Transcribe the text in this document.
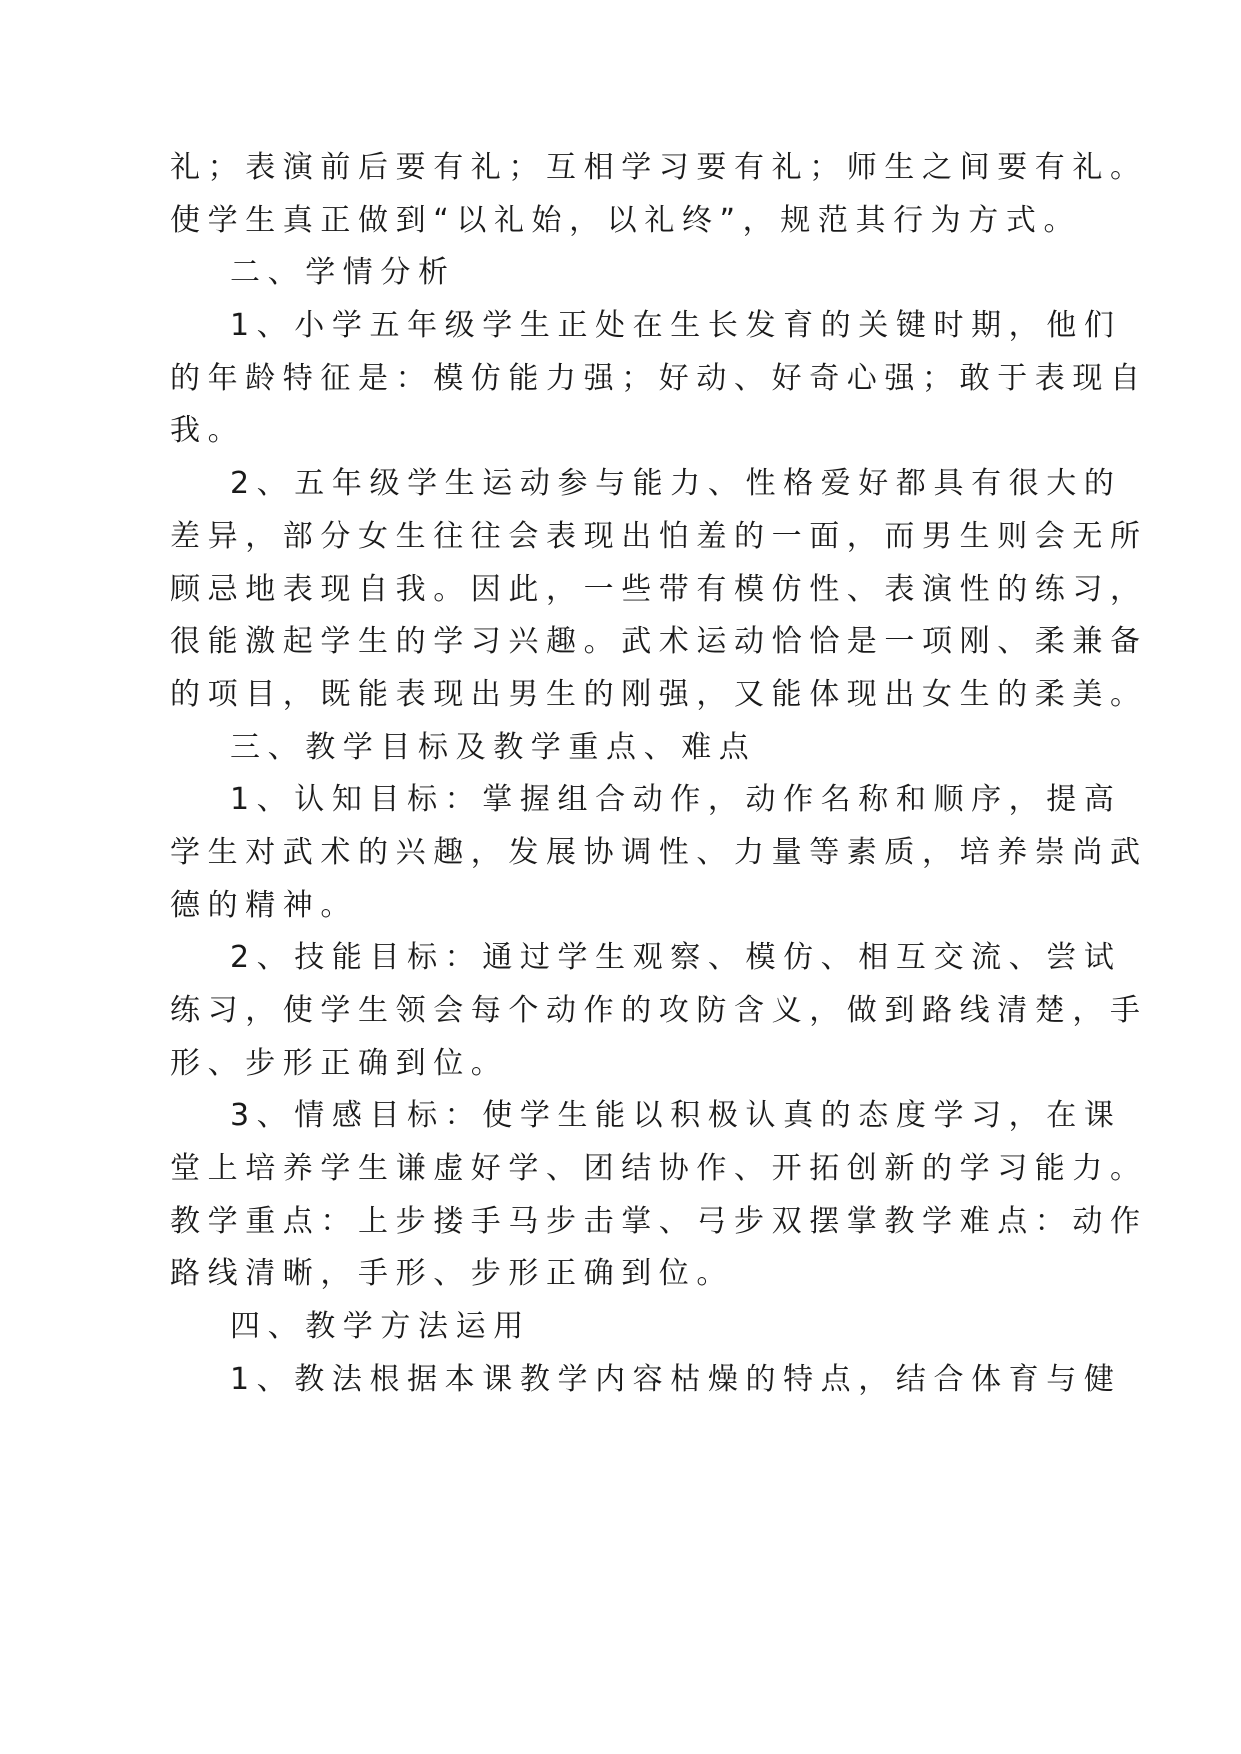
礼；表演前后要有礼；互相学习要有礼；师生之间要有礼。
使学生真正做到“以礼始，以礼终”，规范其行为方式。
二、学情分析
1、小学五年级学生正处在生长发育的关键时期，他们
的年龄特征是：模仿能力强；好动、好奇心强；敢于表现自
我。
2、五年级学生运动参与能力、性格爱好都具有很大的
差异，部分女生往往会表现出怕羞的一面，而男生则会无所
顾忌地表现自我。因此，一些带有模仿性、表演性的练习，
很能激起学生的学习兴趣。武术运动恰恰是一项刚、柔兼备
的项目，既能表现出男生的刚强，又能体现出女生的柔美。
三、教学目标及教学重点、难点
1、认知目标：掌握组合动作，动作名称和顺序，提高
学生对武术的兴趣，发展协调性、力量等素质，培养崇尚武
德的精神。
2、技能目标：通过学生观察、模仿、相互交流、尝试
练习，使学生领会每个动作的攻防含义，做到路线清楚，手
形、步形正确到位。
3、情感目标：使学生能以积极认真的态度学习，在课
堂上培养学生谦虚好学、团结协作、开拓创新的学习能力。
教学重点：上步搂手马步击掌、弓步双摆掌教学难点：动作
路线清晰，手形、步形正确到位。
四、教学方法运用
1、教法根据本课教学内容枯燥的特点，结合体育与健
